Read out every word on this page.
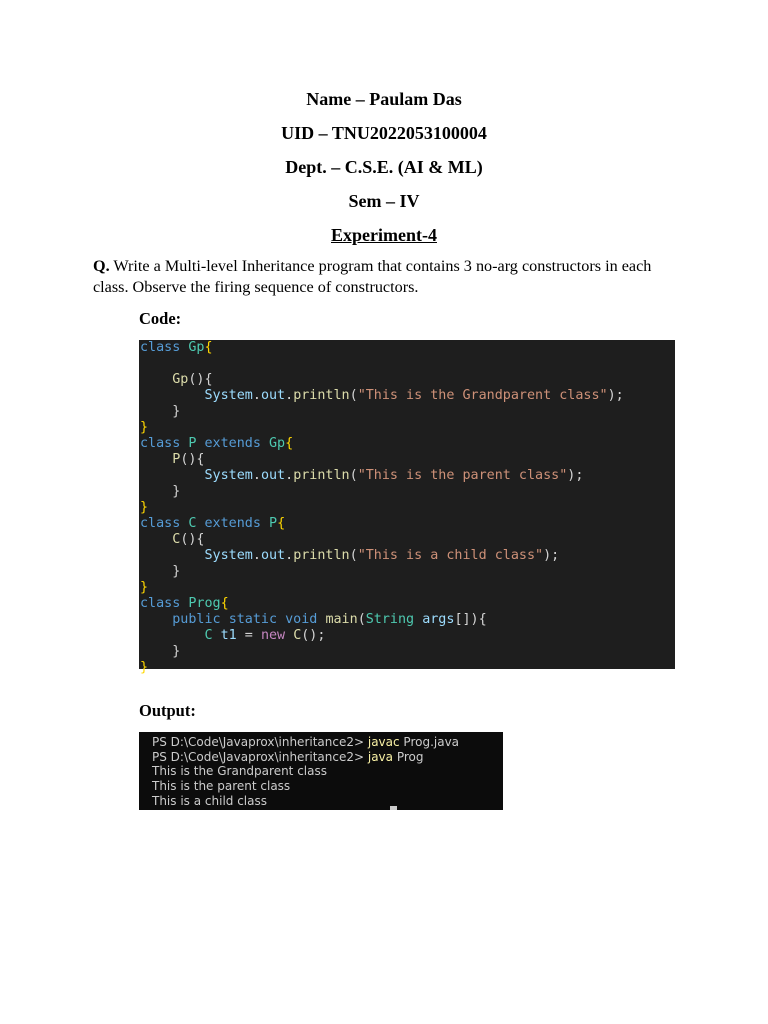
Name – Paulam Das
UID – TNU2022053100004
Dept. – C.S.E. (AI & ML)
Sem – IV
Experiment-4
Q. Write a Multi-level Inheritance program that contains 3 no-arg constructors in each class. Observe the firing sequence of constructors.
Code:
class Gp{
Gp(){
System.out.println("This is the Grandparent class");
}
}
class P extends Gp{
P(){
System.out.println("This is the parent class");
}
}
class C extends P{
C(){
System.out.println("This is a child class");
}
}
class Prog{
public static void main(String args[]){
C t1 = new C();
}
}
Output:
PS D:\Code\Javaprox\inheritance2> javac Prog.java
PS D:\Code\Javaprox\inheritance2> java Prog
This is the Grandparent class
This is the parent class
This is a child class
